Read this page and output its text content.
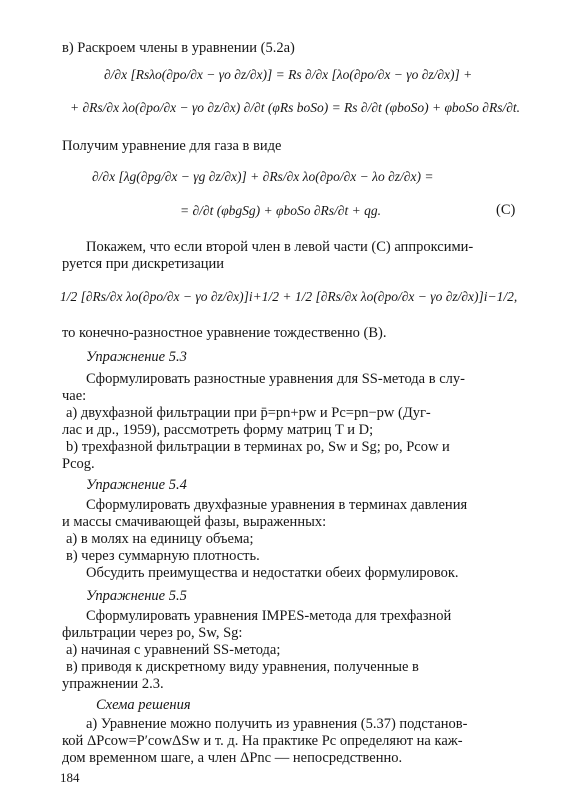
в) Раскроем члены в уравнении (5.2а)
∂/∂x [Rsλo(∂po/∂x − γo ∂z/∂x)] = Rs ∂/∂x [λo(∂po/∂x − γo ∂z/∂x)] +
+ ∂Rs/∂x λo(∂po/∂x − γo ∂z/∂x) ∂/∂t (φRs boSo) = Rs ∂/∂t (φboSo) + φboSo ∂Rs/∂t.
Получим уравнение для газа в виде
∂/∂x [λg(∂pg/∂x − γg ∂z/∂x)] + ∂Rs/∂x λo(∂po/∂x − λo ∂z/∂x) =
= ∂/∂t (φbgSg) + φboSo ∂Rs/∂t + qg.	(C)
Покажем, что если второй член в левой части (C) аппроксими-
руется при дискретизации
1/2 [∂Rs/∂x λo(∂po/∂x − γo ∂z/∂x)]i+1/2 + 1/2 [∂Rs/∂x λo(∂po/∂x − γo ∂z/∂x)]i−1/2,
то конечно-разностное уравнение тождественно (B).
Упражнение 5.3
Сформулировать разностные уравнения для SS-метода в слу-
чае:
а) двухфазной фильтрации при p̄=pn+pw и Pc=pn−pw (Дуг-
лас и др., 1959), рассмотреть форму матриц T и D;
b) трехфазной фильтрации в терминах po, Sw и Sg; po, Pcow и
Pcog.
Упражнение 5.4
Сформулировать двухфазные уравнения в терминах давления
и массы смачивающей фазы, выраженных:
а) в молях на единицу объема;
в) через суммарную плотность.
Обсудить преимущества и недостатки обеих формулировок.
Упражнение 5.5
Сформулировать уравнения IMPES-метода для трехфазной
фильтрации через po, Sw, Sg:
а) начиная с уравнений SS-метода;
в) приводя к дискретному виду уравнения, полученные в
упражнении 2.3.
Схема решения
а) Уравнение можно получить из уравнения (5.37) подстанов-
кой ΔPcow=P′cowΔSw и т. д. На практике Pc определяют на каж-
дом временном шаге, а член ΔPnc — непосредственно.
184
